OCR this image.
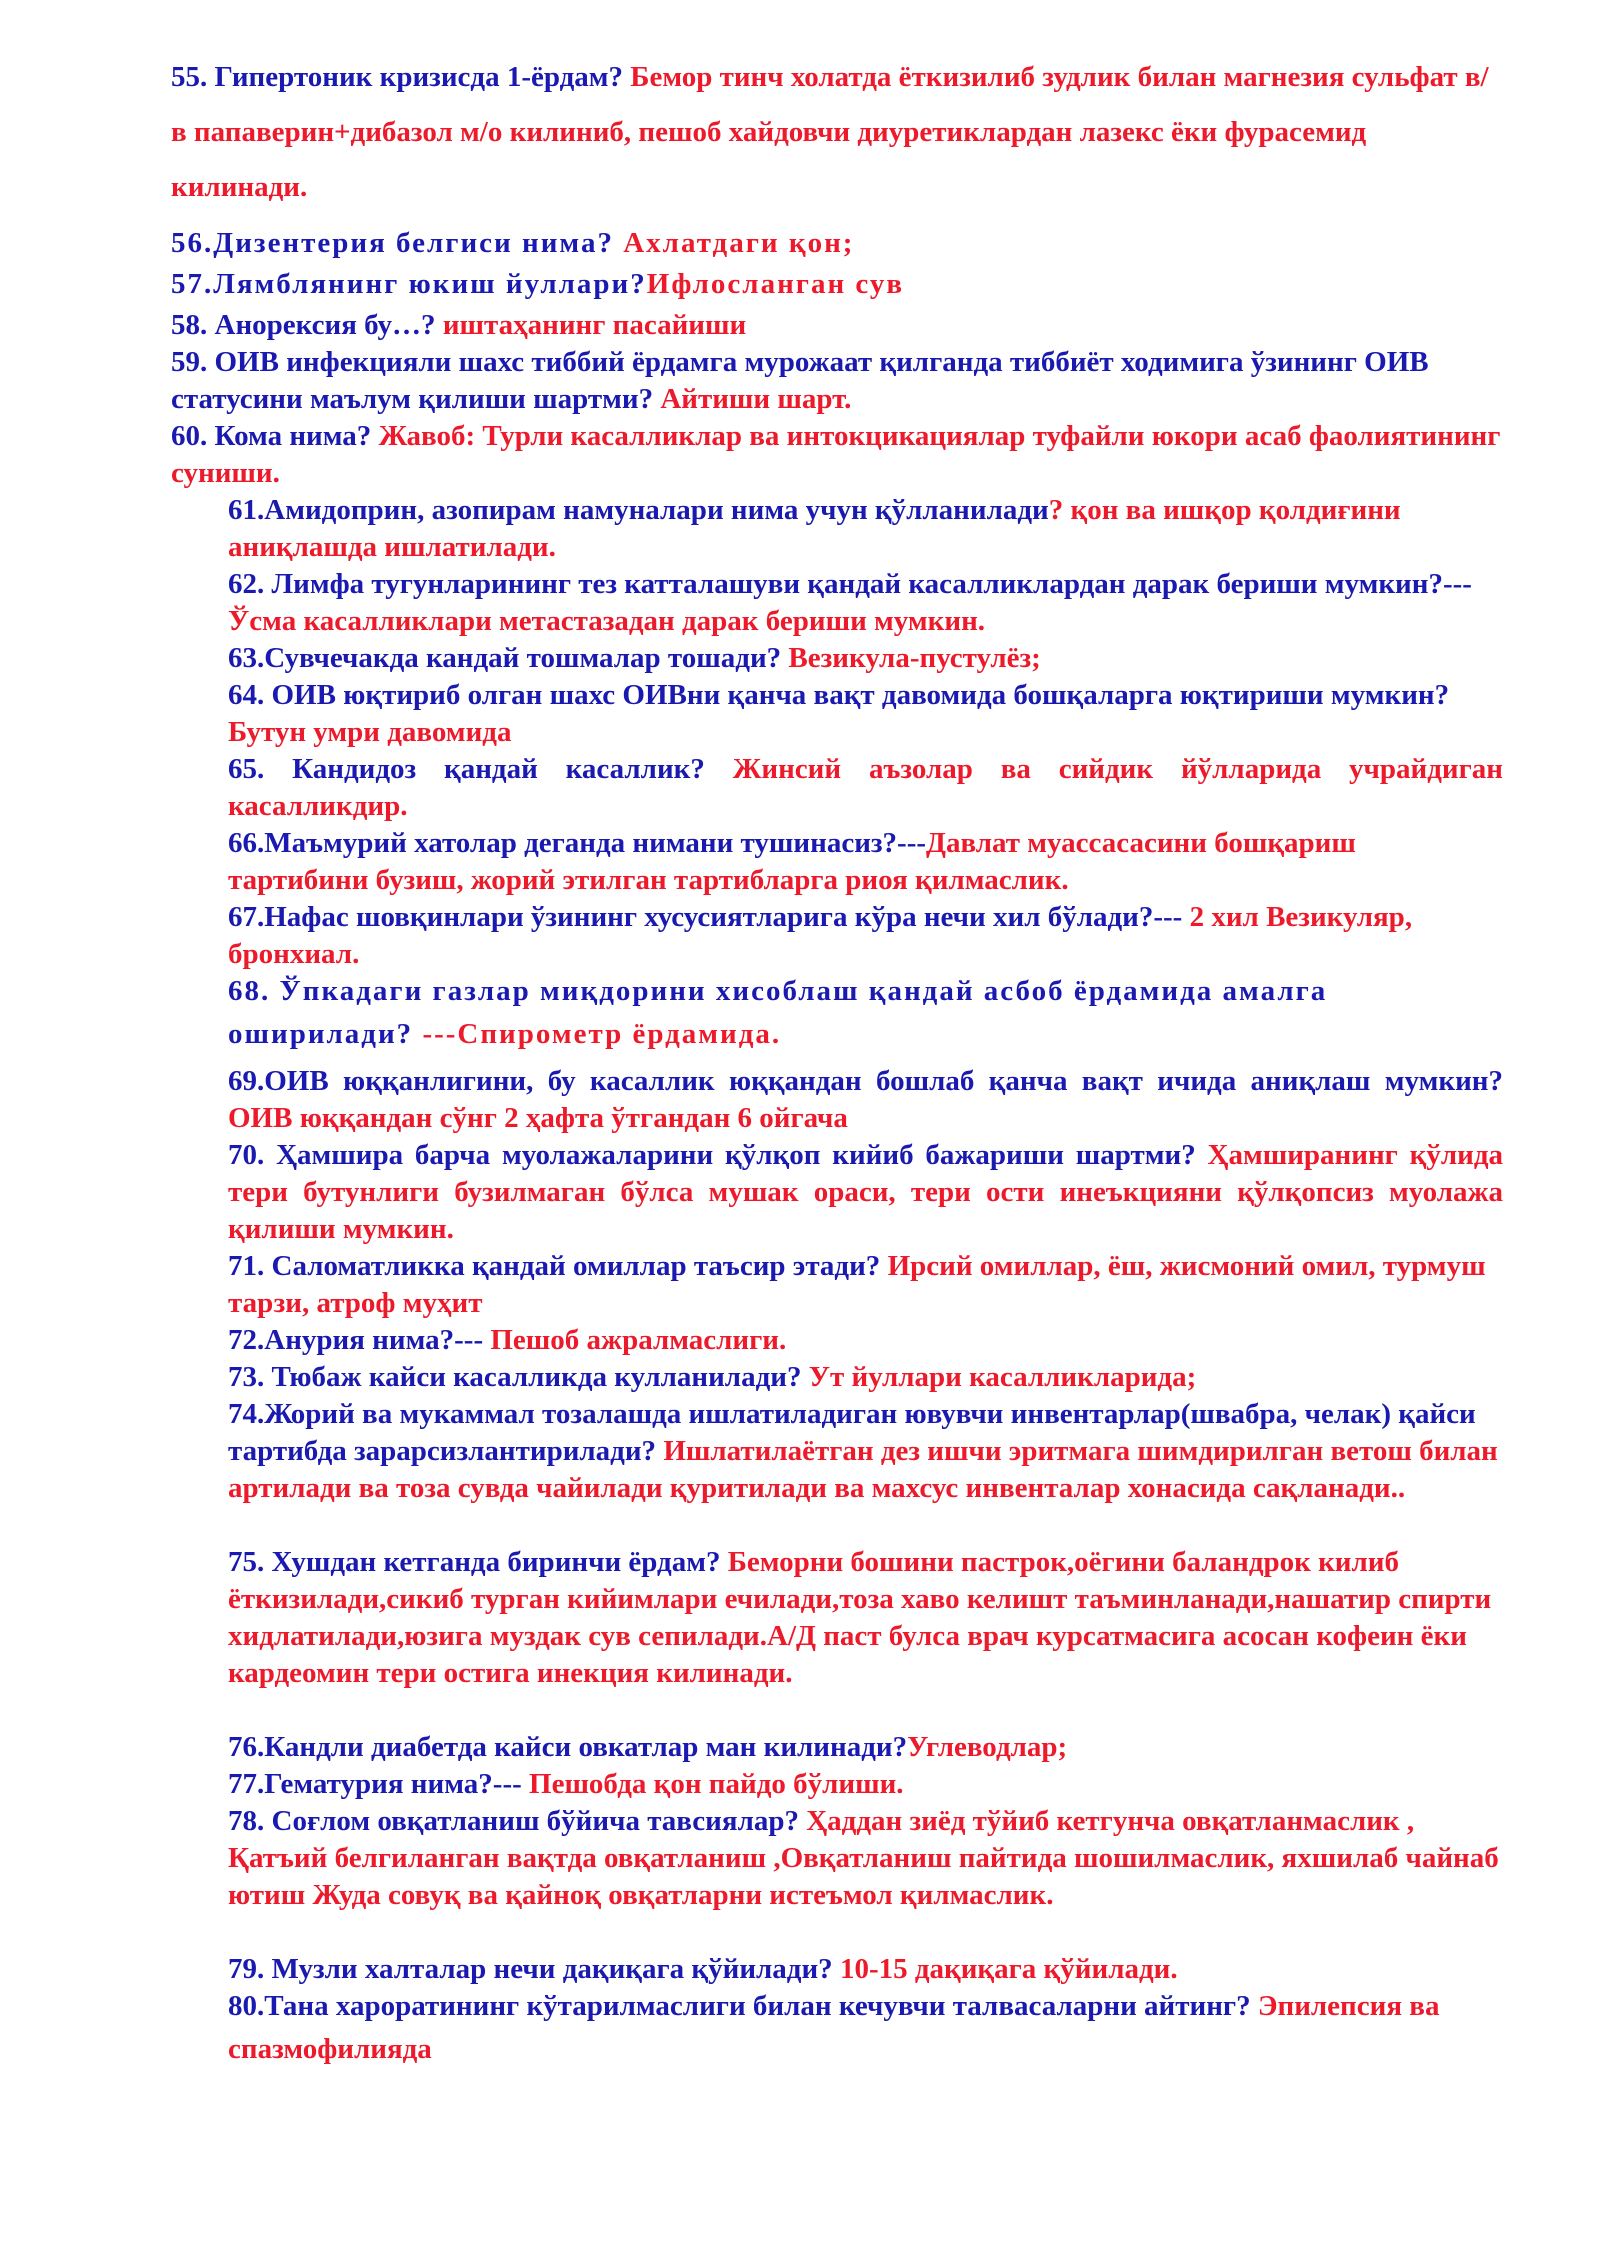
55. Гипертоник кризисда 1-ёрдам? Бемор тинч холатда ёткизилиб зудлик билан магнезия сульфат в/в папаверин+дибазол м/о килиниб, пешоб хайдовчи диуретиклардан лазекс ёки фурасемид килинади.

56.Дизентерия белгиси нима? Ахлатдаги қон;

57.Лямблянинг юкиш йуллари?Ифлосланган сув

58. Анорексия бу…? иштаҳанинг пасайиши

59. ОИВ инфекцияли шахс тиббий ёрдамга мурожаат қилганда тиббиёт ходимига ўзининг ОИВ статусини маълум қилиши шартми? Айтиши шарт.

60. Кома нима? Жавоб: Турли касалликлар ва интокцикациялар туфайли юкори асаб фаолиятининг суниши.

61.Амидоприн, азопирам намуналари нима учун қўлланилади? қон ва ишқор қолдиғини аниқлашда ишлатилади.

62. Лимфа тугунларининг тез катталашуви қандай касалликлардан дарак бериши мумкин?--- Ўсма касалликлари метастазадан дарак бериши мумкин.

63.Сувчечакда кандай тошмалар тошади? Везикула-пустулёз;

64. ОИВ юқтириб олган шахс ОИВни қанча вақт давомида бошқаларга юқтириши мумкин? Бутун умри давомида

65. Кандидоз қандай касаллик? Жинсий аъзолар ва сийдик йўлларида учрайдиган касалликдир.

66.Маъмурий хатолар деганда нимани тушинасиз?---Давлат муассасасини бошқариш тартибини бузиш, жорий этилган тартибларга риоя қилмаслик.

67.Нафас шовқинлари ўзининг хусусиятларига кўра нечи хил бўлади?--- 2 хил Везикуляр, бронхиал.

68. Ўпкадаги газлар миқдорини хисоблаш қандай асбоб ёрдамида амалга оширилади? ---Спирометр ёрдамида.

69.ОИВ юққанлигини, бу касаллик юққандан бошлаб қанча вақт ичида аниқлаш мумкин? ОИВ юққандан сўнг 2 ҳафта ўтгандан 6 ойгача

70. Ҳамшира барча муолажаларини қўлқоп кийиб бажариши шартми? Ҳамширанинг қўлида тери бутунлиги бузилмаган бўлса мушак ораси, тери ости инеъкцияни қўлқопсиз муолажа қилиши мумкин.

71. Саломатликка қандай омиллар таъсир этади? Ирсий омиллар, ёш, жисмоний омил, турмуш тарзи, атроф муҳит

72.Анурия нима?--- Пешоб ажралмаслиги.

73. Тюбаж кайси касалликда кулланилади? Ут йуллари касалликларида;

74.Жорий ва мукаммал тозалашда ишлатиладиган ювувчи инвентарлар(швабра, челак) қайси тартибда зарарсизлантирилади? Ишлатилаётган дез ишчи эритмага шимдирилган ветош билан артилади ва тоза сувда чайилади қуритилади ва махсус инвенталар хонасида сақланади..

75. Хушдан кетганда биринчи ёрдам? Беморни бошини пастрок,оёгини баландрок килиб ёткизилади,сикиб турган кийимлари ечилади,тоза хаво келишт таъминланади,нашатир спирти хидлатилади,юзига муздак сув сепилади.А/Д паст булса врач курсатмасига асосан кофеин ёки кардеомин тери остига инекция килинади.

76.Кандли диабетда кайси овкатлар ман килинади?Углеводлар;

77.Гематурия нима?--- Пешобда қон пайдо бўлиши.

78. Соғлом овқатланиш бўйича тавсиялар? Ҳаддан зиёд тўйиб кетгунча овқатланмаслик , Қатъий белгиланган вақтда овқатланиш ,Овқатланиш пайтида шошилмаслик, яхшилаб чайнаб ютиш Жуда совуқ ва қайноқ овқатларни истеъмол қилмаслик.

79. Музли халталар нечи дақиқага қўйилади? 10-15 дақиқага қўйилади.

80.Тана хароратининг кўтарилмаслиги билан кечувчи талвасаларни айтинг? Эпилепсия ва спазмофилияда
